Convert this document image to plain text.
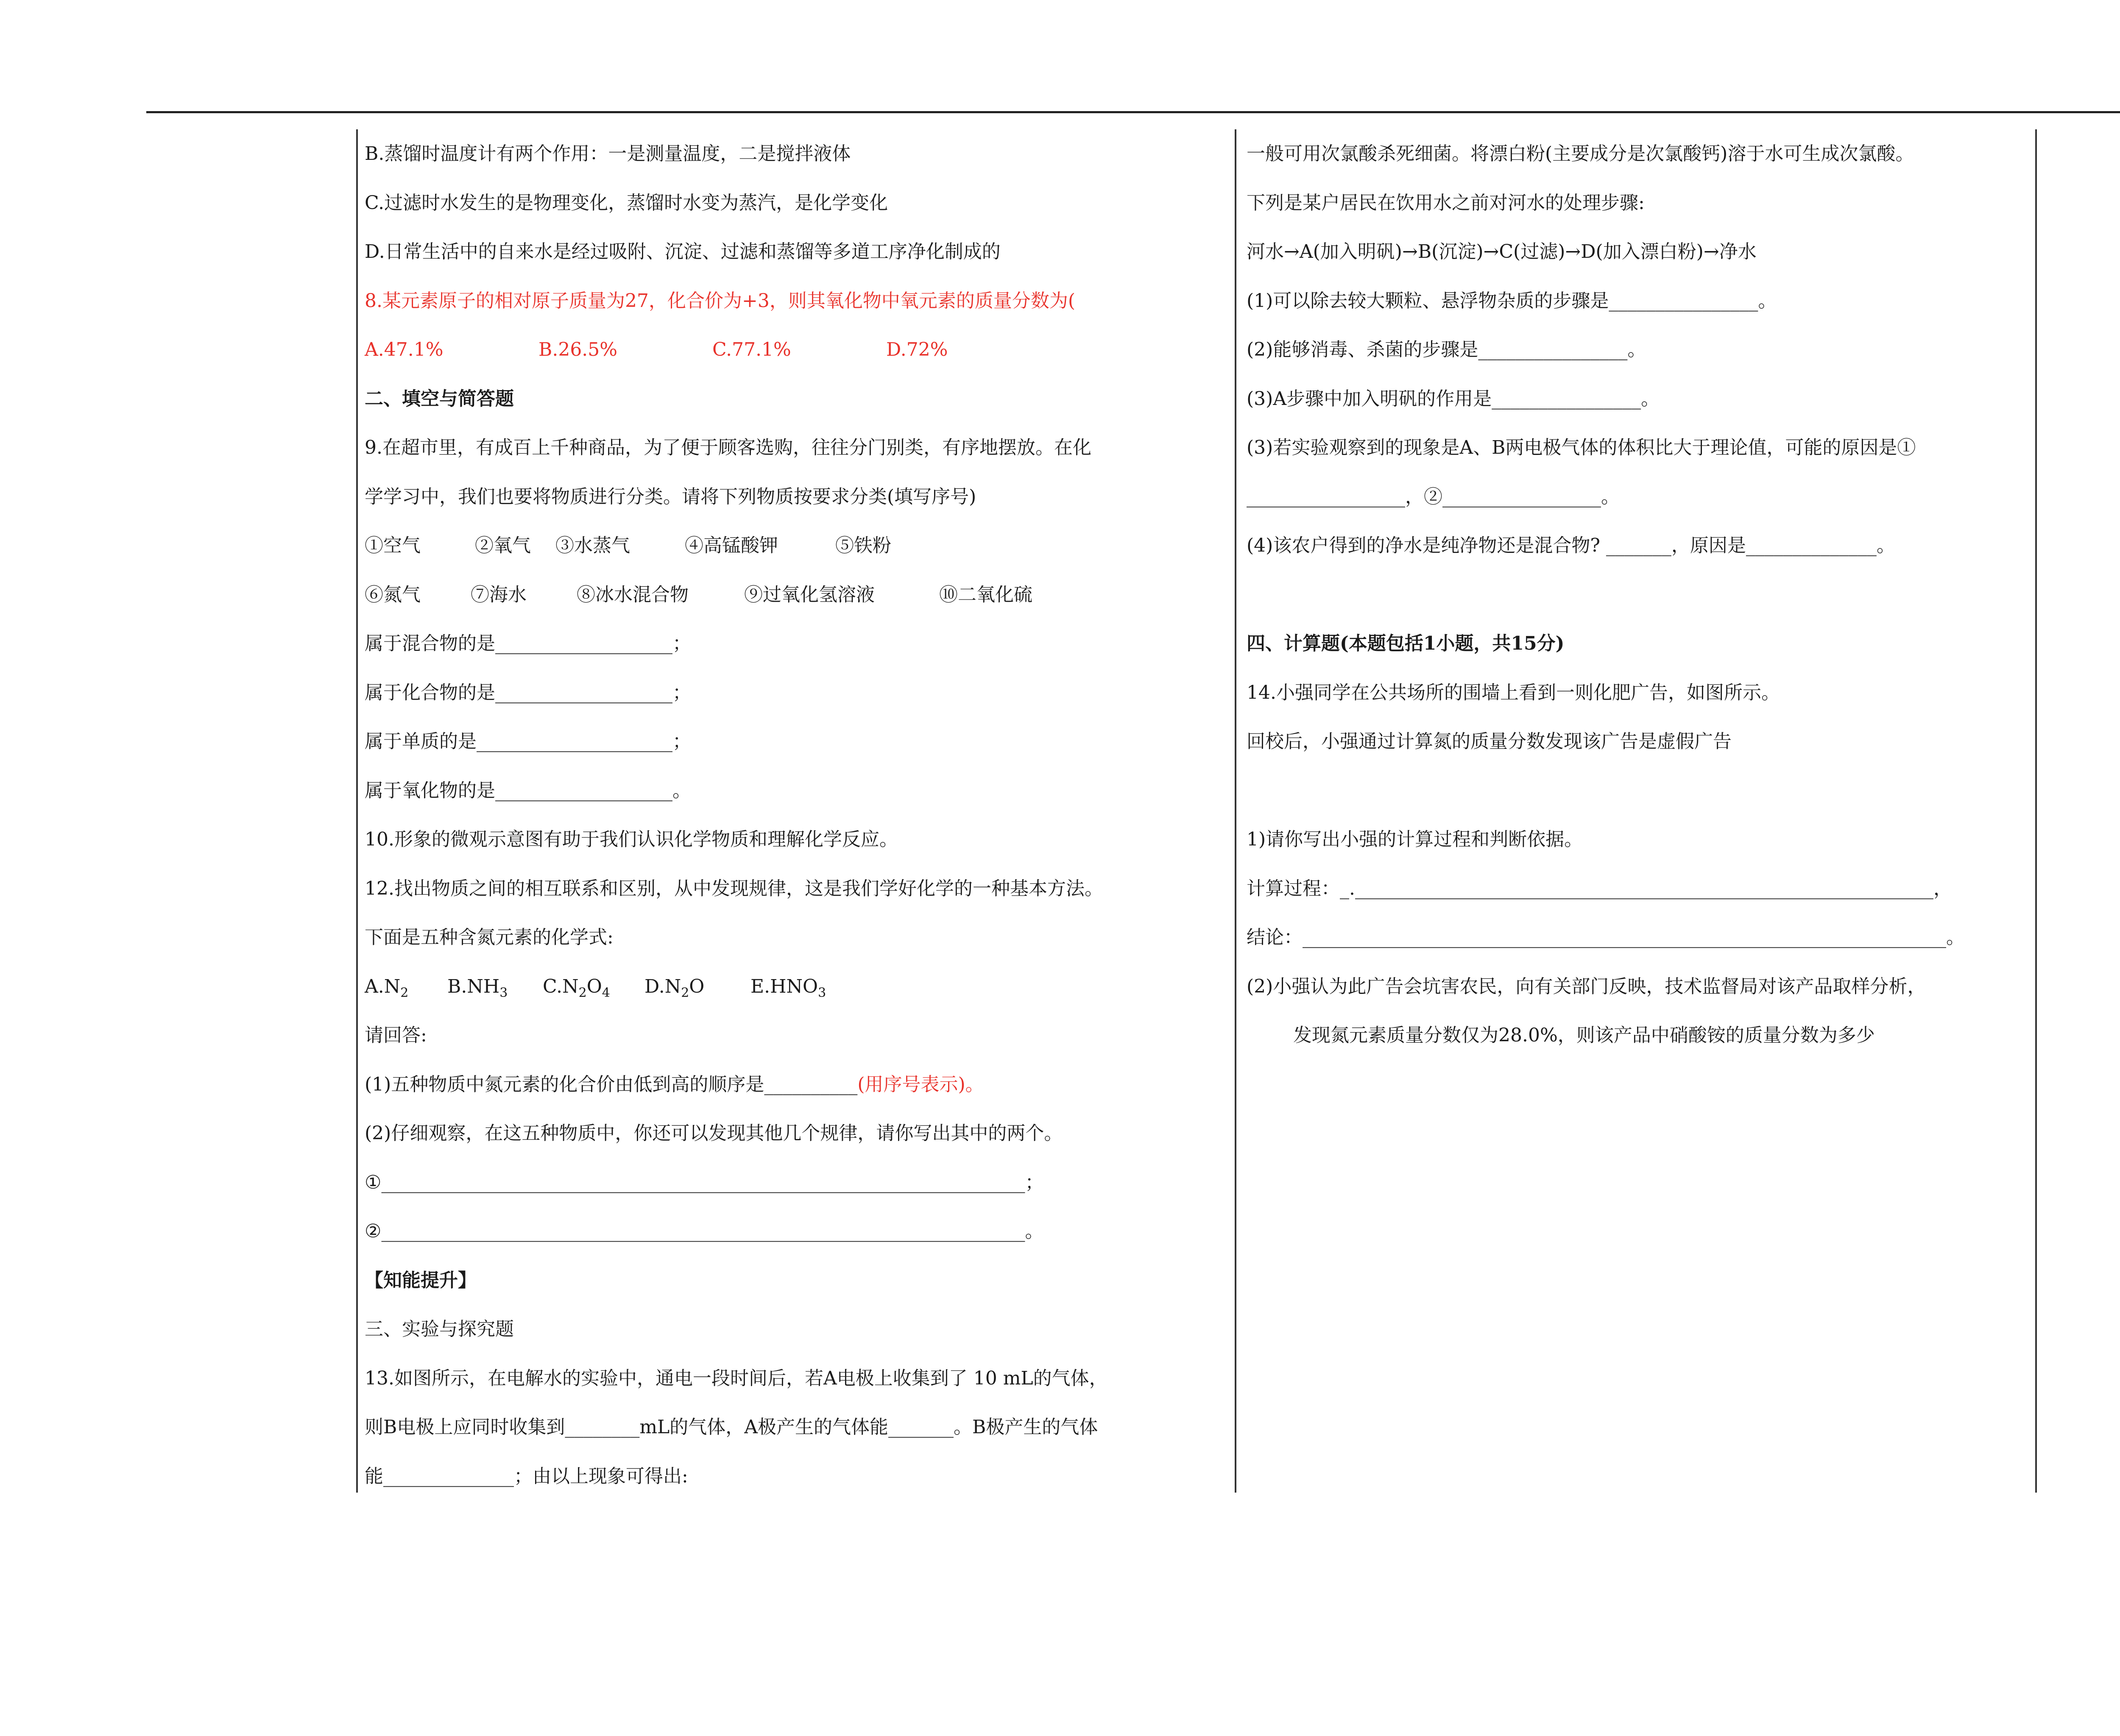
B.蒸馏时温度计有两个作用：一是测量温度，二是搅拌液体
C.过滤时水发生的是物理变化，蒸馏时水变为蒸汽，是化学变化
D.日常生活中的自来水是经过吸附、沉淀、过滤和蒸馏等多道工序净化制成的
8.某元素原子的相对原子质量为27，化合价为+3，则其氧化物中氧元素的质量分数为(
A.47.1%	B.26.5%	C.77.1%	D.72%
二、填空与简答题
9.在超市里，有成百上千种商品，为了便于顾客选购，往往分门别类，有序地摆放。在化
学学习中，我们也要将物质进行分类。请将下列物质按要求分类(填写序号)
①空气	②氧气 ③水蒸气	④高锰酸钾	⑤铁粉
⑥氮气	⑦海水	⑧冰水混合物	⑨过氧化氢溶液	⑩二氧化硫
属于混合物的是___________________；
属于化合物的是___________________；
属于单质的是_____________________；
属于氧化物的是___________________。
10.形象的微观示意图有助于我们认识化学物质和理解化学反应。
12.找出物质之间的相互联系和区别，从中发现规律，这是我们学好化学的一种基本方法。
下面是五种含氮元素的化学式:
$A.N_2$ $B.NH_3$ $C.N_2O_4$ $D.N_2O$ $E.HNO_3$
请回答:
(1)五种物质中氮元素的化合价由低到高的顺序是__________(用序号表示)。
(2)仔细观察，在这五种物质中，你还可以发现其他几个规律，请你写出其中的两个。
①_____________________________________________________________________；
②_____________________________________________________________________。
【知能提升】
三、实验与探究题
13.如图所示，在电解水的实验中，通电一段时间后，若A电极上收集到了 10 mL的气体，
则B电极上应同时收集到________mL的气体，A极产生的气体能_______。B极产生的气体
能______________；由以上现象可得出:
一般可用次氯酸杀死细菌。将漂白粉(主要成分是次氯酸钙)溶于水可生成次氯酸。
下列是某户居民在饮用水之前对河水的处理步骤:
河水→A(加入明矾)→B(沉淀)→C(过滤)→D(加入漂白粉)→净水
(1)可以除去较大颗粒、悬浮物杂质的步骤是________________。
(2)能够消毒、杀菌的步骤是________________。
(3)A步骤中加入明矾的作用是________________。
(3)若实验观察到的现象是A、B两电极气体的体积比大于理论值，可能的原因是①
_________________，②_________________。
(4)该农户得到的净水是纯净物还是混合物? _______，原因是______________。
四、计算题(本题包括1小题，共15分)
14.小强同学在公共场所的围墙上看到一则化肥广告，如图所示。
回校后，小强通过计算氮的质量分数发现该广告是虚假广告
1)请你写出小强的计算过程和判断依据。
计算过程：_.______________________________________________________________，
结论：_____________________________________________________________________。
(2)小强认为此广告会坑害农民，向有关部门反映，技术监督局对该产品取样分析，
发现氮元素质量分数仅为28.0%，则该产品中硝酸铵的质量分数为多少
